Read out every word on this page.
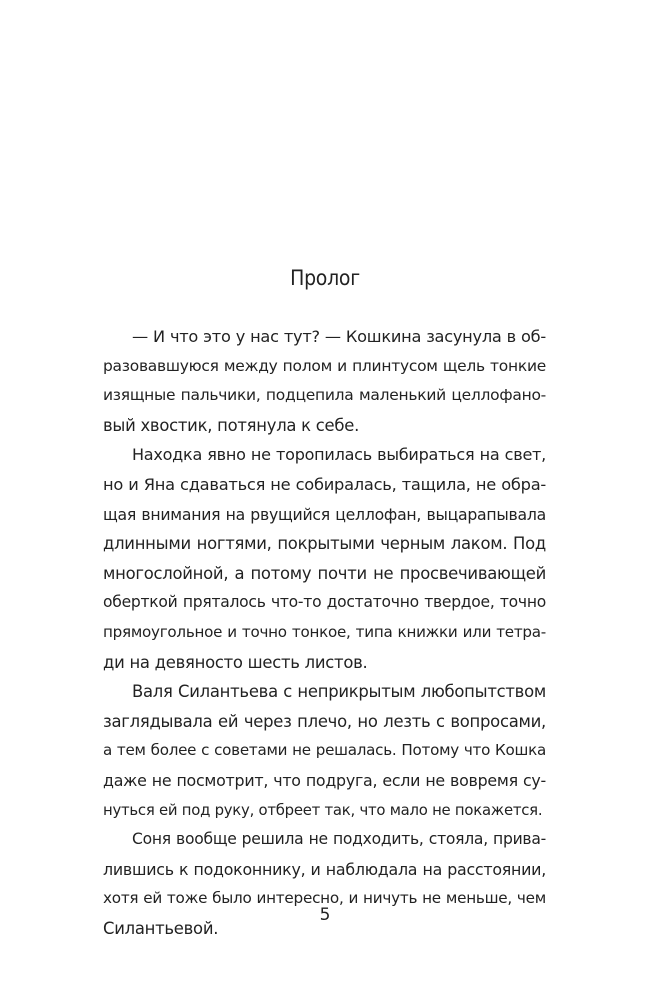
Пролог
— И что это у нас тут? — Кошкина засунула в об-
разовавшуюся между полом и плинтусом щель тонкие
изящные пальчики, подцепила маленький целлофано-
вый хвостик, потянула к себе.
Находка явно не торопилась выбираться на свет,
но и Яна сдаваться не собиралась, тащила, не обра-
щая внимания на рвущийся целлофан, выцарапывала
длинными ногтями, покрытыми черным лаком. Под
многослойной, а потому почти не просвечивающей
оберткой пряталось что-то достаточно твердое, точно
прямоугольное и точно тонкое, типа книжки или тетра-
ди на девяносто шесть листов.
Валя Силантьева с неприкрытым любопытством
заглядывала ей через плечо, но лезть с вопросами,
а тем более с советами не решалась. Потому что Кошка
даже не посмотрит, что подруга, если не вовремя су-
нуться ей под руку, отбреет так, что мало не покажется.
Соня вообще решила не подходить, стояла, прива-
лившись к подоконнику, и наблюдала на расстоянии,
хотя ей тоже было интересно, и ничуть не меньше, чем
Силантьевой.
5
